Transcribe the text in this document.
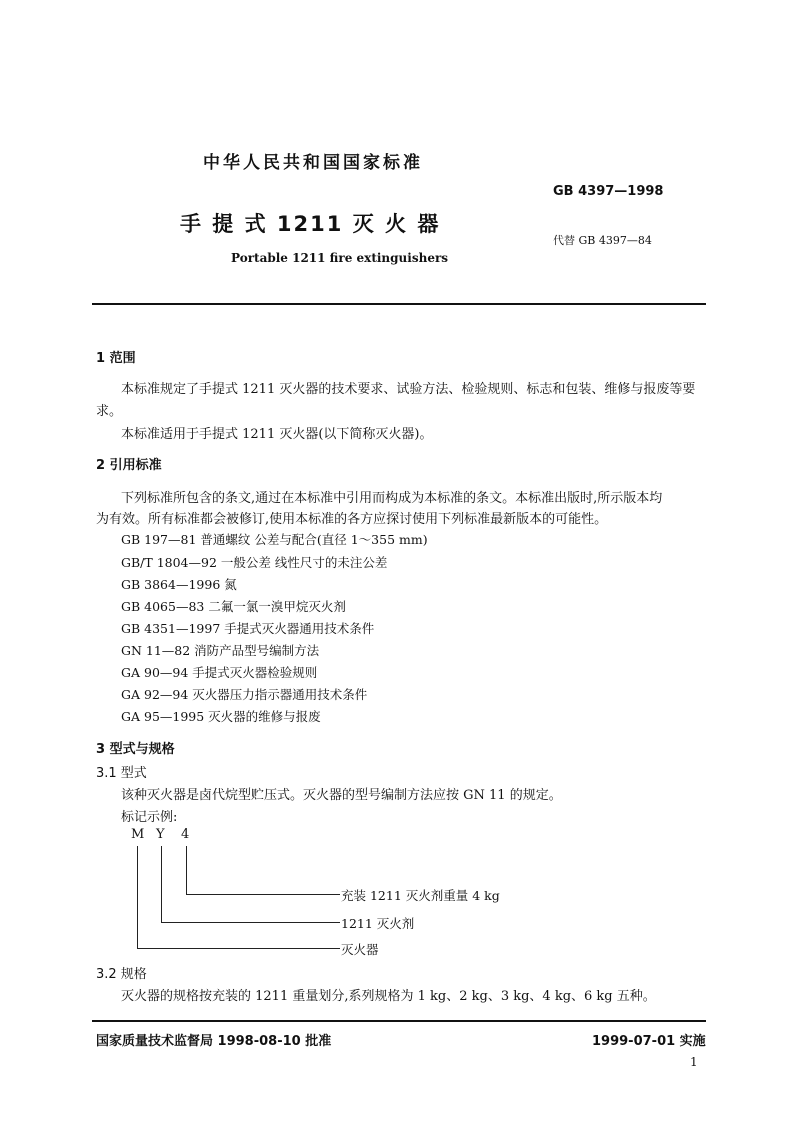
中华人民共和国国家标准
GB 4397—1998
手 提 式 1211 灭 火 器
代替 GB 4397—84
Portable 1211 fire extinguishers
1 范围
本标准规定了手提式 1211 灭火器的技术要求、试验方法、检验规则、标志和包装、维修与报废等要
求。
本标准适用于手提式 1211 灭火器(以下简称灭火器)。
2 引用标准
下列标准所包含的条文,通过在本标准中引用而构成为本标准的条文。本标准出版时,所示版本均
为有效。所有标准都会被修订,使用本标准的各方应探讨使用下列标准最新版本的可能性。
GB 197—81 普通螺纹 公差与配合(直径 1～355 mm)
GB/T 1804—92 一般公差 线性尺寸的未注公差
GB 3864—1996 氮
GB 4065—83 二氟一氯一溴甲烷灭火剂
GB 4351—1997 手提式灭火器通用技术条件
GN 11—82 消防产品型号编制方法
GA 90—94 手提式灭火器检验规则
GA 92—94 灭火器压力指示器通用技术条件
GA 95—1995 灭火器的维修与报废
3 型式与规格
3.1 型式
该种灭火器是卤代烷型贮压式。灭火器的型号编制方法应按 GN 11 的规定。
标记示例:
M Y 4
充装 1211 灭火剂重量 4 kg
1211 灭火剂
灭火器
3.2 规格
灭火器的规格按充装的 1211 重量划分,系列规格为 1 kg、2 kg、3 kg、4 kg、6 kg 五种。
国家质量技术监督局 1998-08-10 批准	1999-07-01 实施
1
